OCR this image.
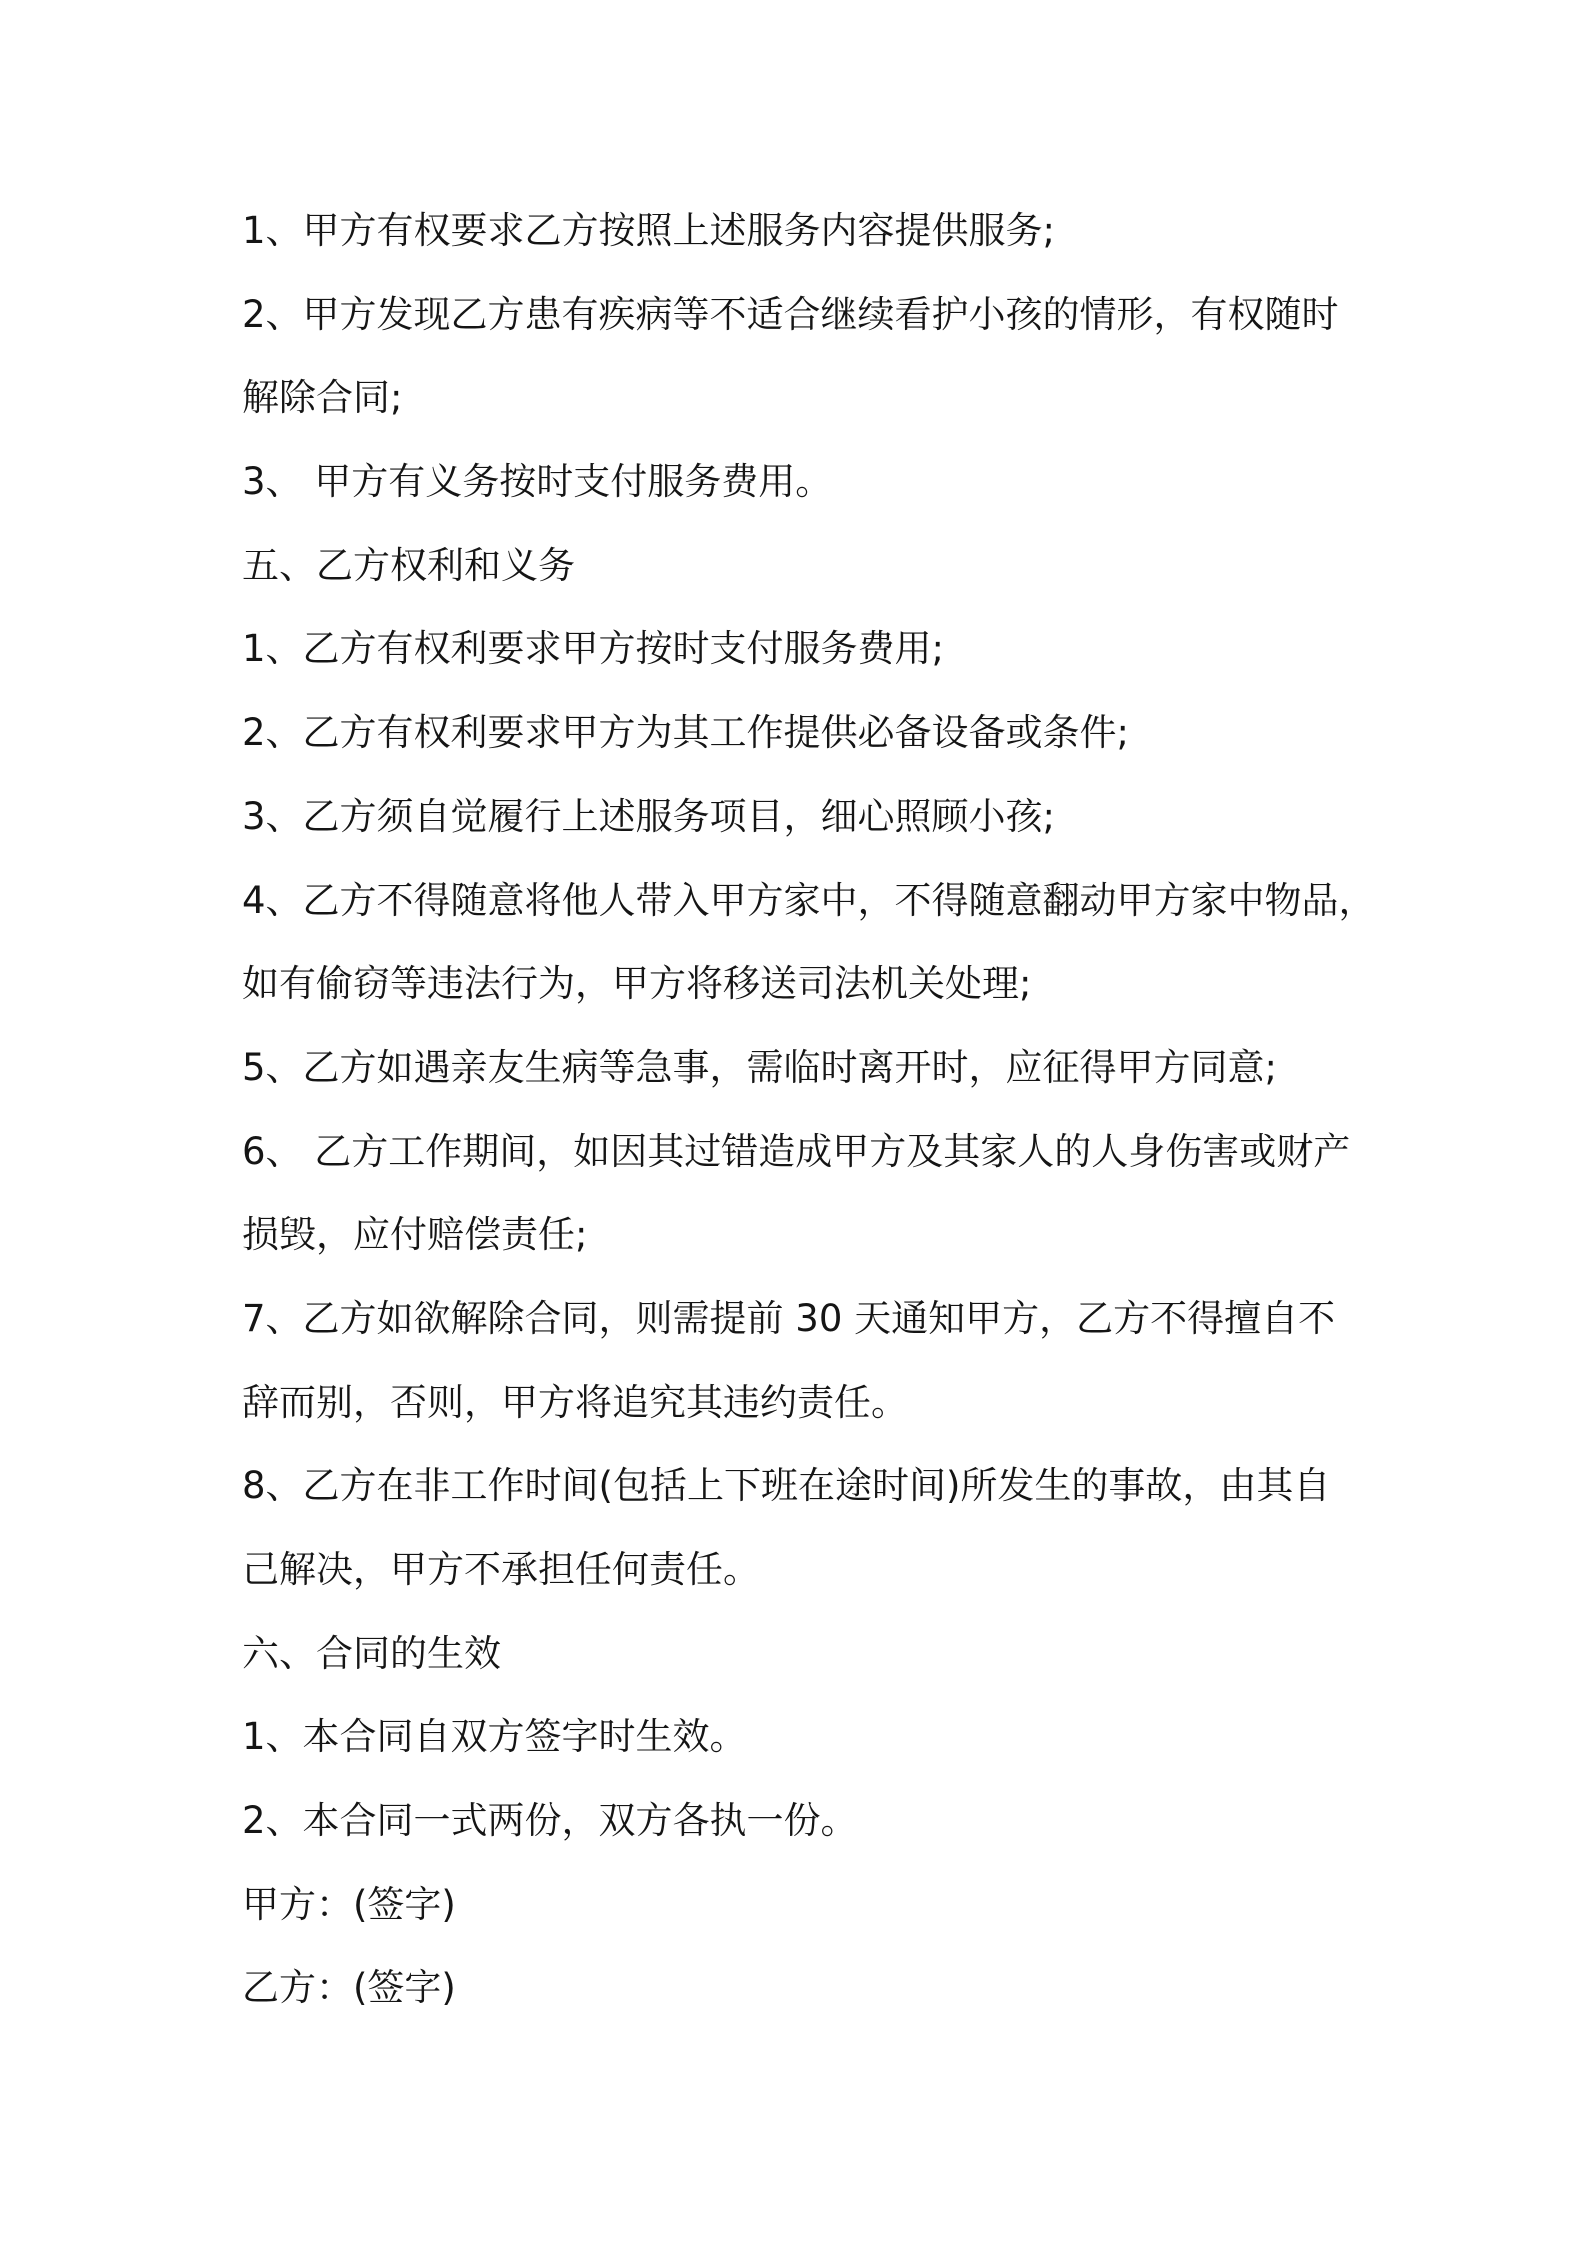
1、甲方有权要求乙方按照上述服务内容提供服务;
2、甲方发现乙方患有疾病等不适合继续看护小孩的情形，有权随时
解除合同;
3、 甲方有义务按时支付服务费用。
五、乙方权利和义务
1、乙方有权利要求甲方按时支付服务费用;
2、乙方有权利要求甲方为其工作提供必备设备或条件;
3、乙方须自觉履行上述服务项目，细心照顾小孩;
4、乙方不得随意将他人带入甲方家中，不得随意翻动甲方家中物品，
如有偷窃等违法行为，甲方将移送司法机关处理;
5、乙方如遇亲友生病等急事，需临时离开时，应征得甲方同意;
6、 乙方工作期间，如因其过错造成甲方及其家人的人身伤害或财产
损毁，应付赔偿责任;
7、乙方如欲解除合同，则需提前 30 天通知甲方，乙方不得擅自不
辞而别，否则，甲方将追究其违约责任。
8、乙方在非工作时间(包括上下班在途时间)所发生的事故，由其自
己解决，甲方不承担任何责任。
六、合同的生效
1、本合同自双方签字时生效。
2、本合同一式两份，双方各执一份。
甲方：(签字)
乙方：(签字)
